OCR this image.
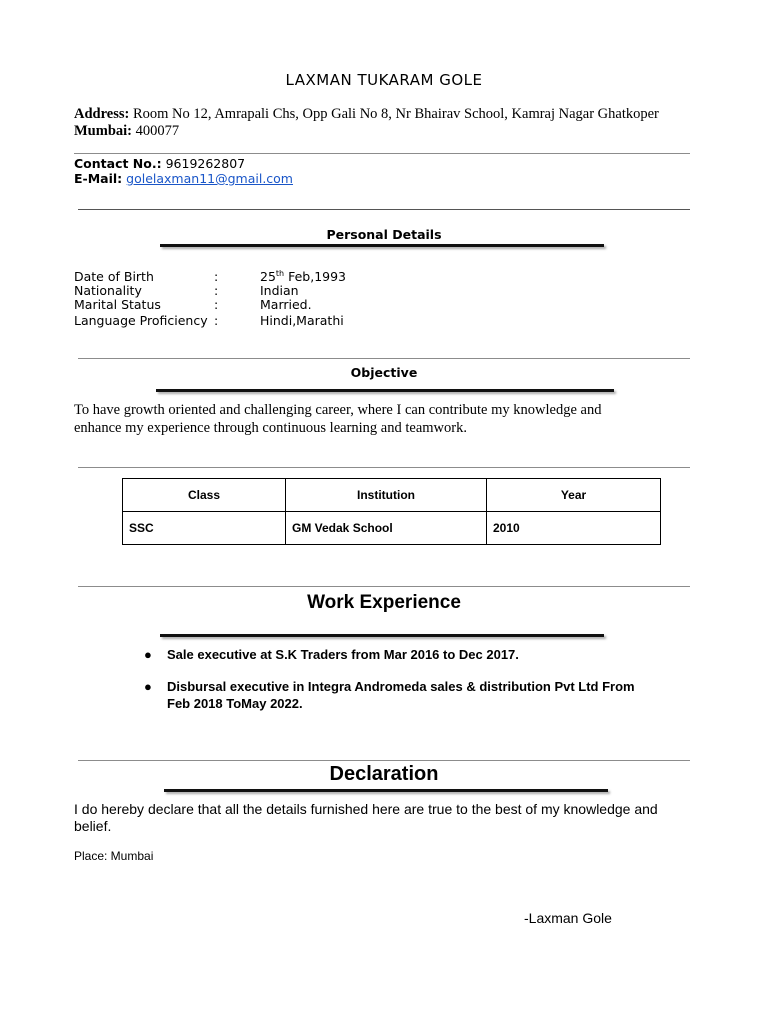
LAXMAN TUKARAM GOLE
Address: Room No 12, Amrapali Chs, Opp Gali No 8, Nr Bhairav School, Kamraj Nagar Ghatkoper
Mumbai: 400077
Contact No.: 9619262807
E-Mail: golelaxman11@gmail.com
Personal Details
Date of Birth	:	25th Feb,1993
Nationality	:	Indian
Marital Status	:	Married.
Language Proficiency :	Hindi,Marathi
Objective
To have growth oriented and challenging career, where I can contribute my knowledge and
enhance my experience through continuous learning and teamwork.
Class	Institution	Year
SSC	GM Vedak School	2010
Work Experience
● Sale executive at S.K Traders from Mar 2016 to Dec 2017.
● Disbursal executive in Integra Andromeda sales & distribution Pvt Ltd From
Feb 2018 ToMay 2022.
Declaration
I do hereby declare that all the details furnished here are true to the best of my knowledge and
belief.
Place: Mumbai
-Laxman Gole
